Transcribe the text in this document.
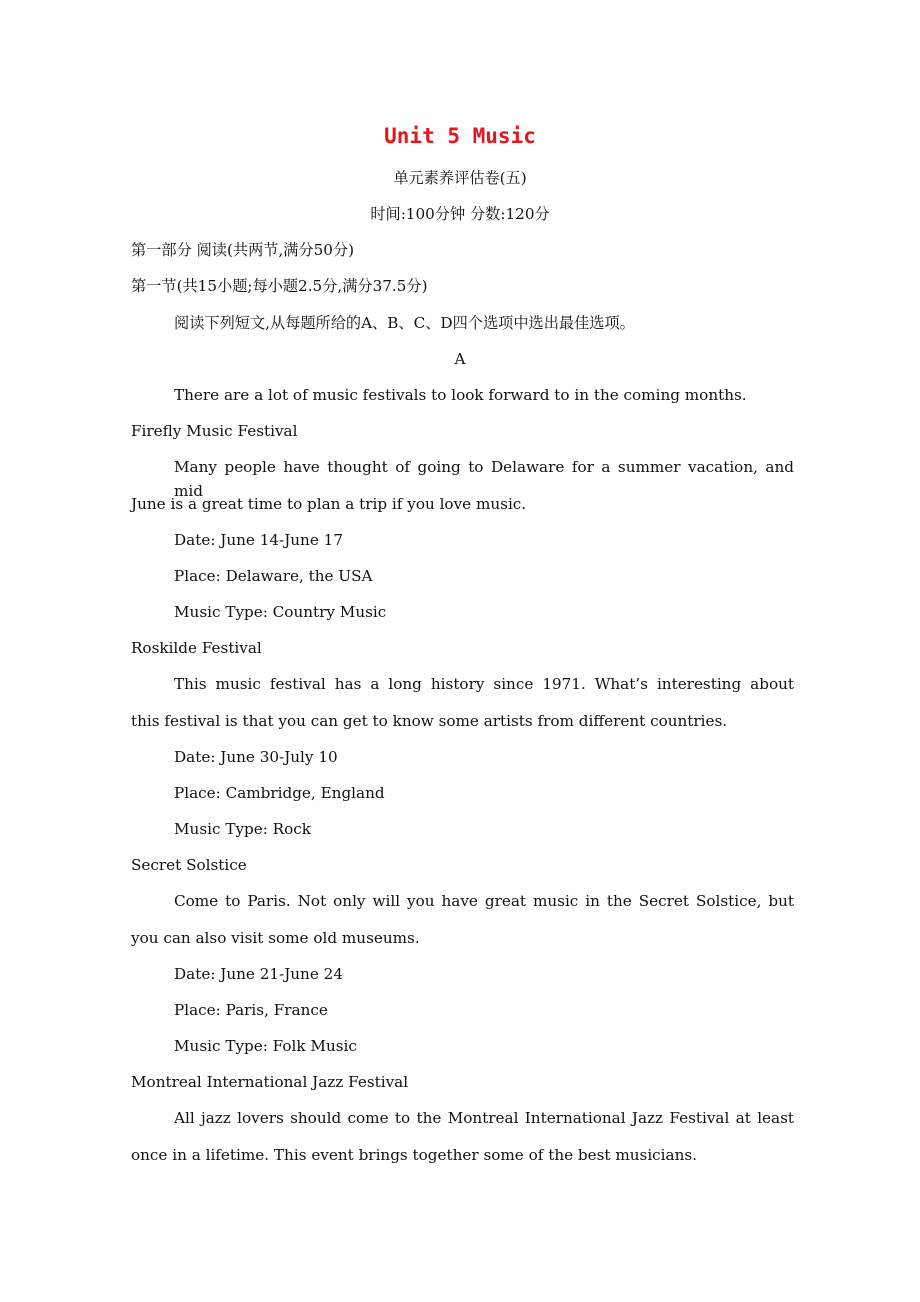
Unit 5 Music
单元素养评估卷(五)
时间:100分钟 分数:120分
第一部分 阅读(共两节,满分50分)
第一节(共15小题;每小题2.5分,满分37.5分)
阅读下列短文,从每题所给的A、B、C、D四个选项中选出最佳选项。
A
There are a lot of music festivals to look forward to in the coming months.
Firefly Music Festival
Many people have thought of going to Delaware for a summer vacation, and mid
June is a great time to plan a trip if you love music.
Date: June 14-June 17
Place: Delaware, the USA
Music Type: Country Music
Roskilde Festival
This music festival has a long history since 1971. What’s interesting about
this festival is that you can get to know some artists from different countries.
Date: June 30-July 10
Place: Cambridge, England
Music Type: Rock
Secret Solstice
Come to Paris. Not only will you have great music in the Secret Solstice, but
you can also visit some old museums.
Date: June 21-June 24
Place: Paris, France
Music Type: Folk Music
Montreal International Jazz Festival
All jazz lovers should come to the Montreal International Jazz Festival at least
once in a lifetime. This event brings together some of the best musicians.
